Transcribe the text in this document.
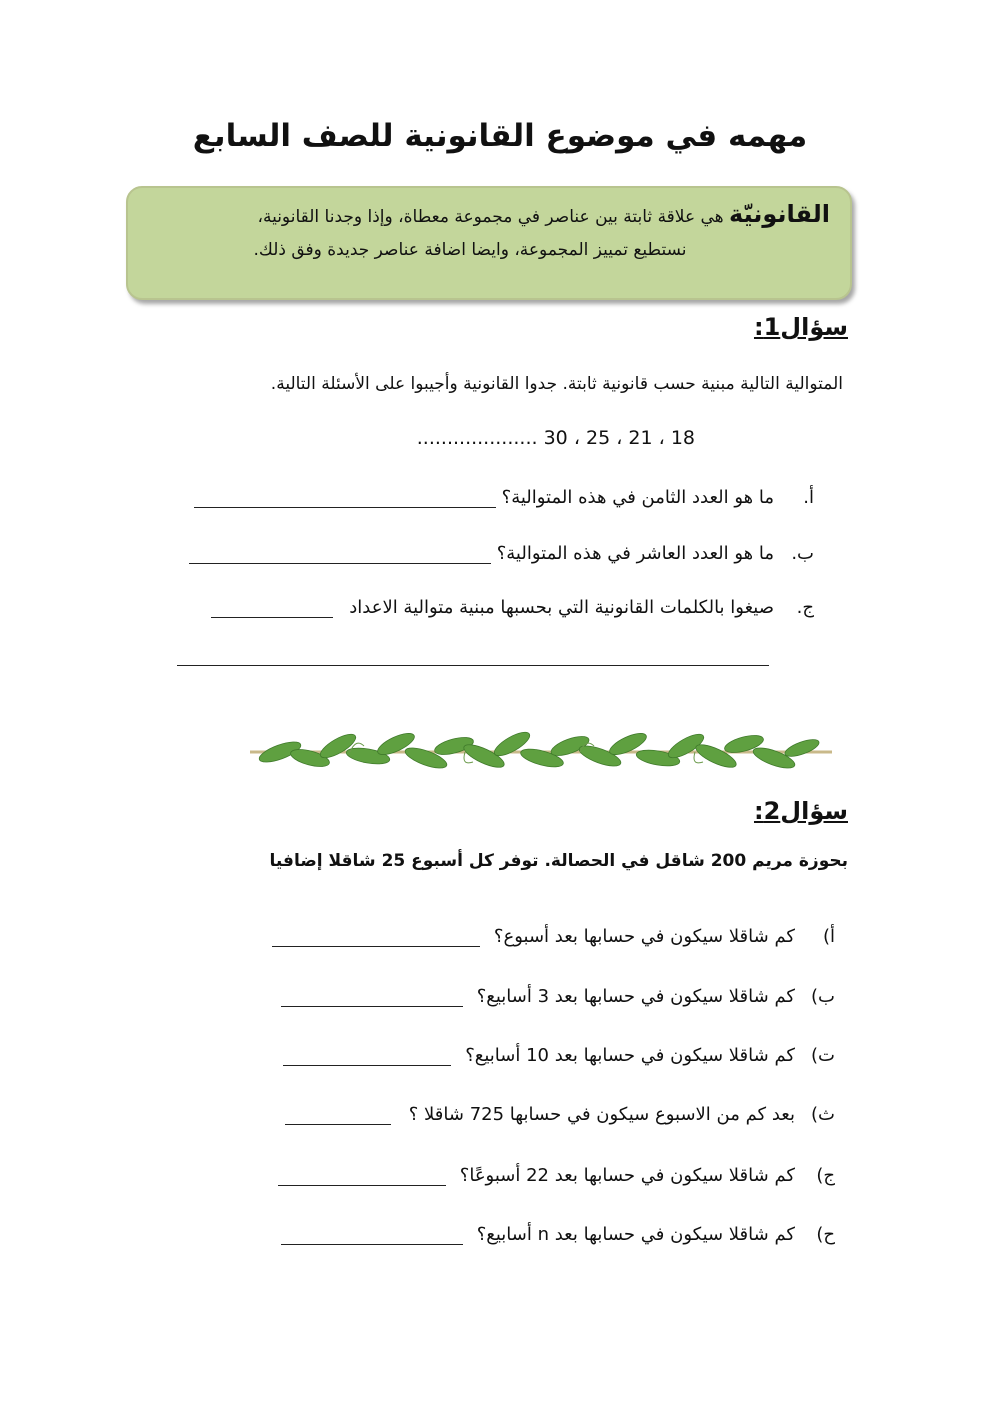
مهمه في موضوع القانونية للصف السابع
القانونيّة هي علاقة ثابتة بين عناصر في مجموعة معطاة، وإذا وجدنا القانونية،
نستطيع تمييز المجموعة، وايضا اضافة عناصر جديدة وفق ذلك.
سؤال1:
المتوالية التالية مبنية حسب قانونية ثابتة. جدوا القانونية وأجيبوا على الأسئلة التالية.
18 ، 21 ، 25 ، 30 ....................
أ.
ما هو العدد الثامن في هذه المتوالية؟
ب.
ما هو العدد العاشر في هذه المتوالية؟
ج.
صيغوا بالكلمات القانونية التي بحسبها مبنية متوالية الاعداد
سؤال2:
بحوزة مريم 200 شاقل في الحصالة. توفر كل أسبوع 25 شاقلا إضافيا
أ)
كم شاقلا سيكون في حسابها بعد أسبوع؟
ب)
كم شاقلا سيكون في حسابها بعد 3 أسابيع؟
ت)
كم شاقلا سيكون في حسابها بعد 10 أسابيع؟
ث)
بعد كم من الاسبوع سيكون في حسابها 725 شاقلا ؟
ج)
كم شاقلا سيكون في حسابها بعد 22 أسبوعًا؟
ح)
كم شاقلا سيكون في حسابها بعد n أسابيع؟
